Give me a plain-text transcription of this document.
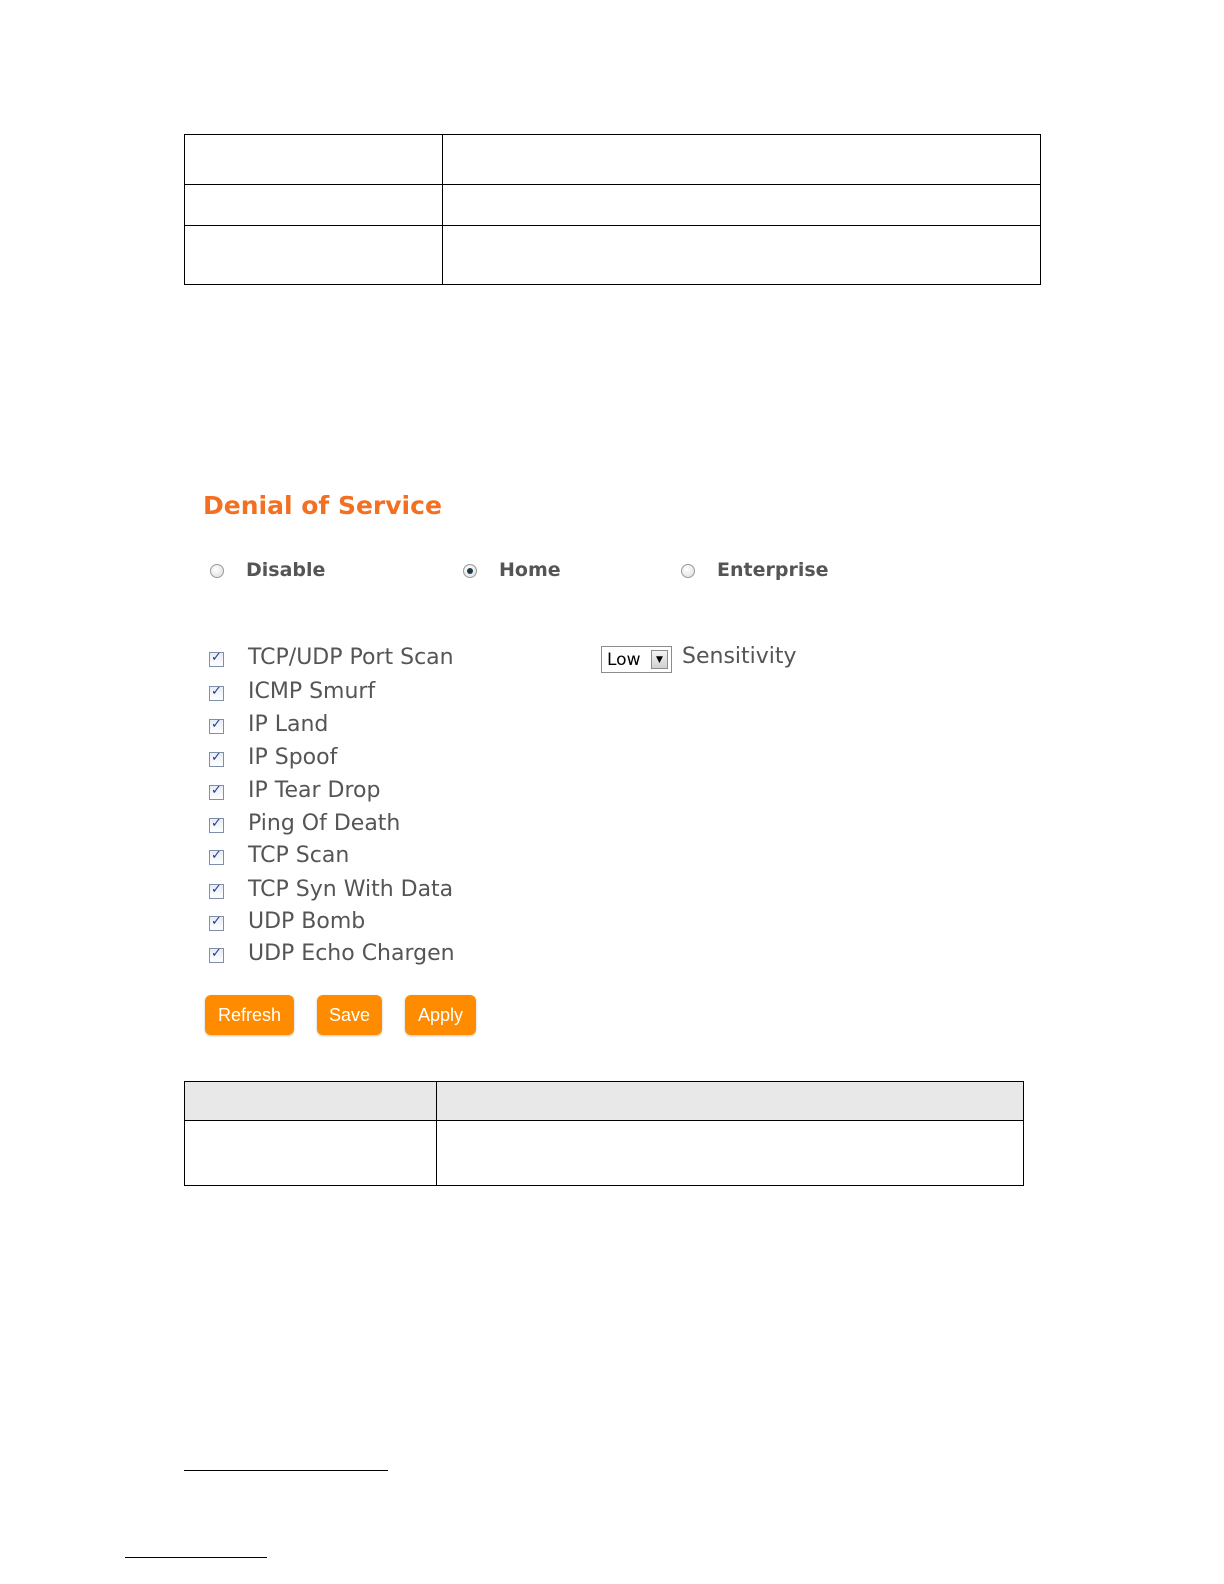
Denial of Service
Disable	Home	Enterprise
✓
TCP/UDP Port Scan
✓
ICMP Smurf
✓
IP Land
✓
IP Spoof
✓
IP Tear Drop
✓
Ping Of Death
✓
TCP Scan
✓
TCP Syn With Data
✓
UDP Bomb
✓
UDP Echo Chargen
Low	▼ Sensitivity
Refresh	Save	Apply
